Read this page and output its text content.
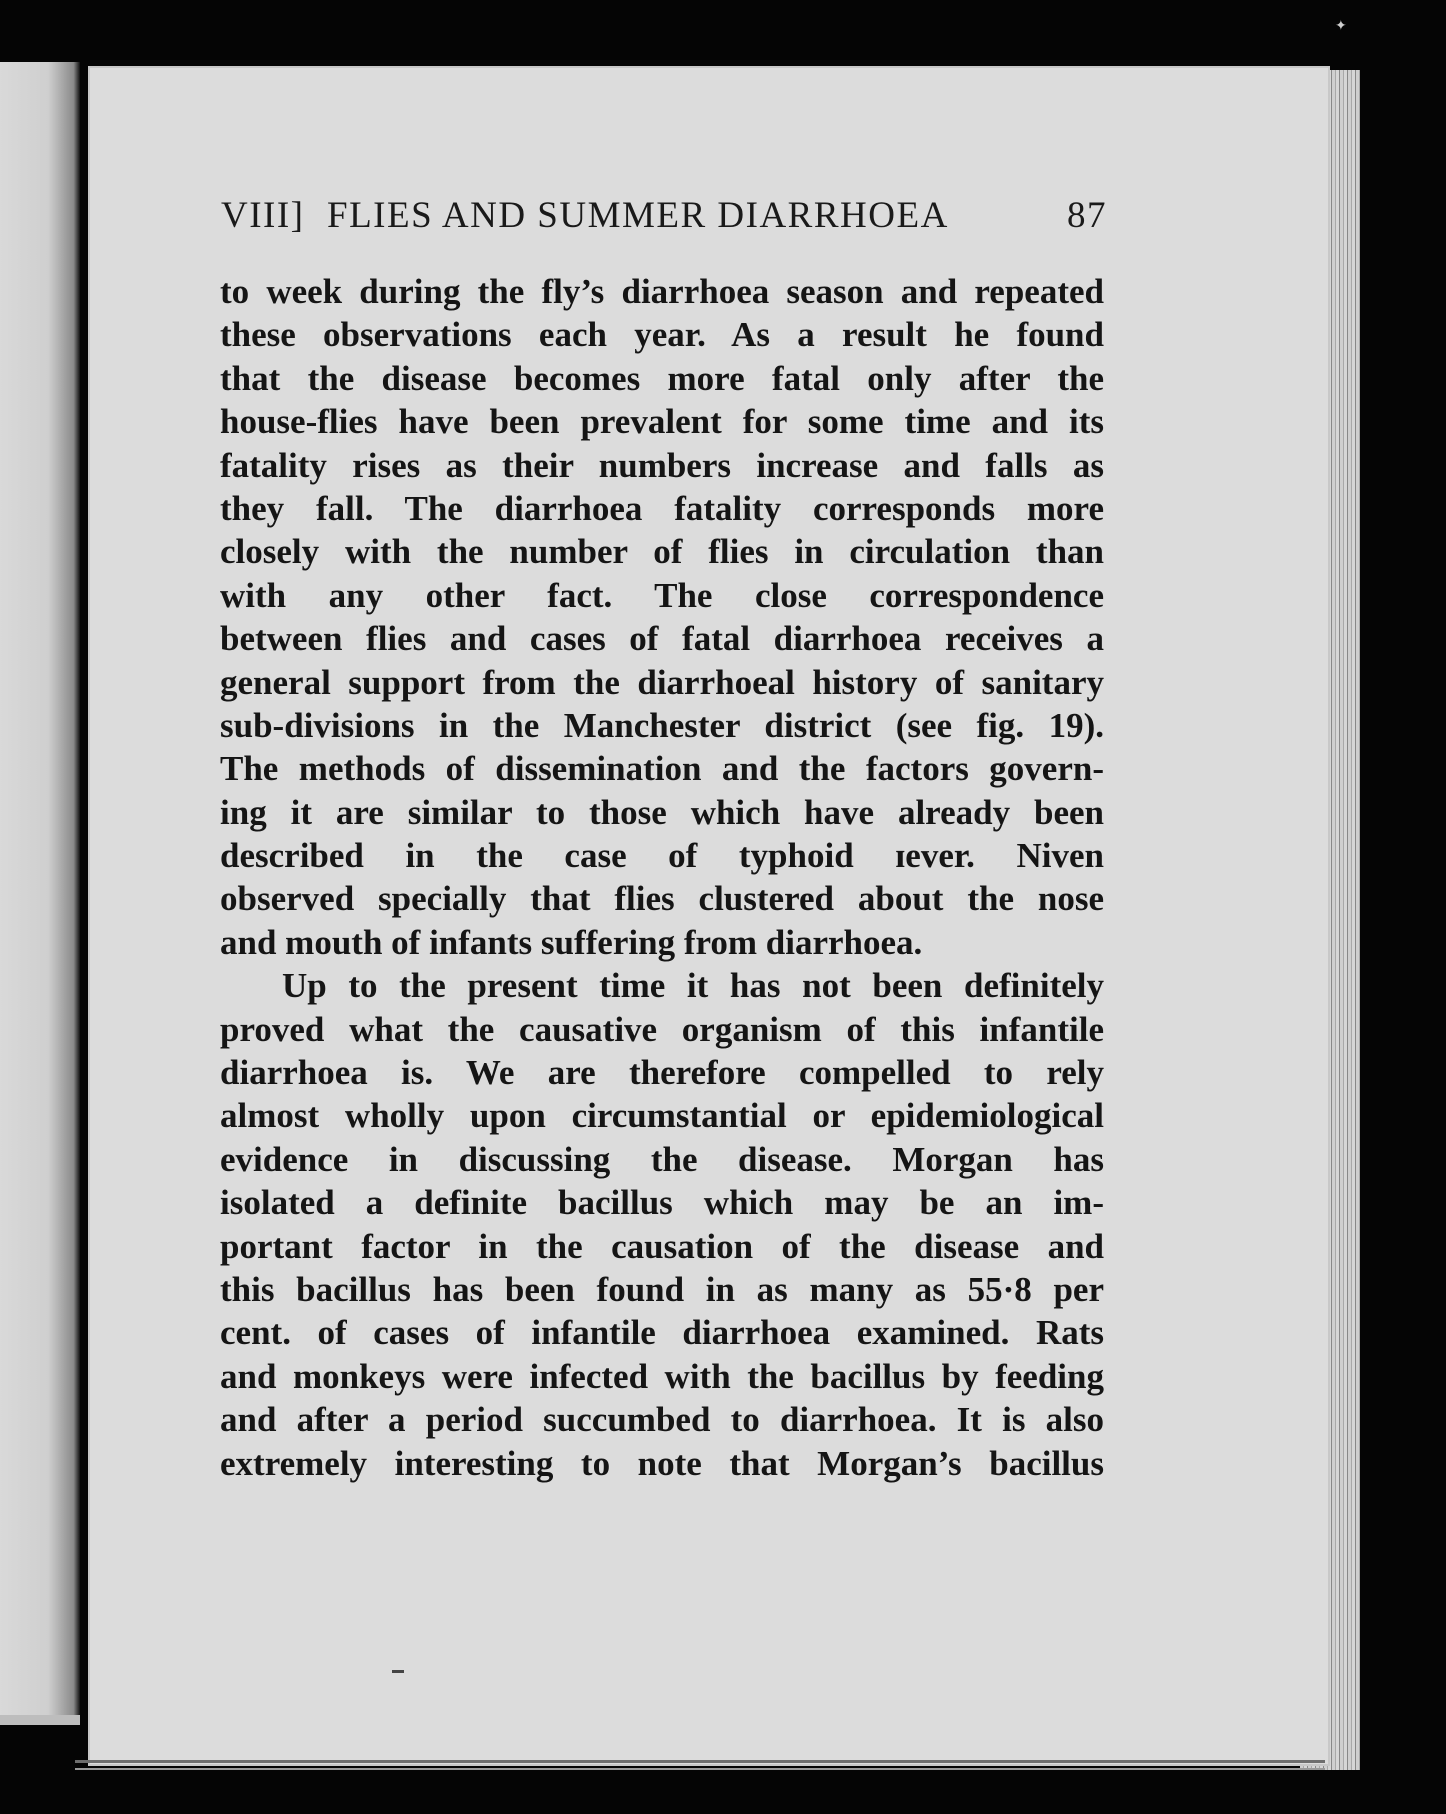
✦
VIII] FLIES AND SUMMER DIARRHOEA	87
to week during the fly’s diarrhoea season and repeated
these observations each year. As a result he found
that the disease becomes more fatal only after the
house-flies have been prevalent for some time and its
fatality rises as their numbers increase and falls as
they fall. The diarrhoea fatality corresponds more
closely with the number of flies in circulation than
with any other fact. The close correspondence
between flies and cases of fatal diarrhoea receives a
general support from the diarrhoeal history of sanitary
sub-divisions in the Manchester district (see fig. 19).
The methods of dissemination and the factors govern-
ing it are similar to those which have already been
described in the case of typhoid ɪever. Niven
observed specially that flies clustered about the nose
and mouth of infants suffering from diarrhoea.
Up to the present time it has not been definitely
proved what the causative organism of this infantile
diarrhoea is. We are therefore compelled to rely
almost wholly upon circumstantial or epidemiological
evidence in discussing the disease. Morgan has
isolated a definite bacillus which may be an im-
portant factor in the causation of the disease and
this bacillus has been found in as many as 55·8 per
cent. of cases of infantile diarrhoea examined. Rats
and monkeys were infected with the bacillus by feeding
and after a period succumbed to diarrhoea. It is also
extremely interesting to note that Morgan’s bacillus
